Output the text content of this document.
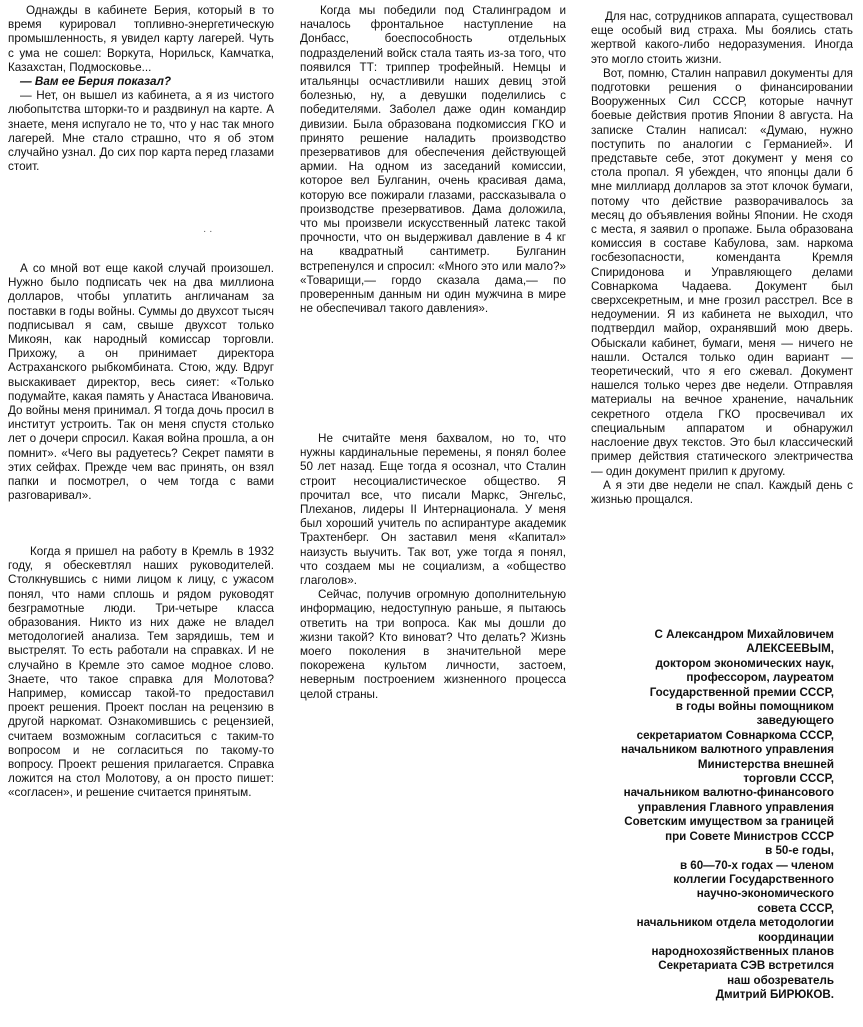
Однажды в кабинете Берия, который в то время курировал топливно-энергетическую промышленность, я увидел карту лагерей. Чуть с ума не сошел: Воркута, Норильск, Камчатка, Казахстан, Подмосковье...

— Вам ее Берия показал?

— Нет, он вышел из кабинета, а я из чистого любопытства шторки-то и раздвинул на карте. А знаете, меня испугало не то, что у нас так много лагерей. Мне стало страшно, что я об этом случайно узнал. До сих пор карта перед глазами стоит.

А со мной вот еще какой случай произошел. Нужно было подписать чек на два миллиона долларов, чтобы уплатить англичанам за поставки в годы войны. Суммы до двухсот тысяч подписывал я сам, свыше двухсот только Микоян, как народный комиссар торговли. Прихожу, а он принимает директора Астраханского рыбкомбината. Стою, жду. Вдруг выскакивает директор, весь сияет: «Только подумайте, какая память у Анастаса Ивановича. До войны меня принимал. Я тогда дочь просил в институт устроить. Так он меня спустя столько лет о дочери спросил. Какая война прошла, а он помнит». «Чего вы радуетесь? Секрет памяти в этих сейфах. Прежде чем вас принять, он взял папки и посмотрел, о чем тогда с вами разговаривал».

Когда я пришел на работу в Кремль в 1932 году, я обескевтлял наших руководителей. Столкнувшись с ними лицом к лицу, с ужасом понял, что нами сплошь и рядом руководят безграмотные люди. Три-четыре класса образования. Никто из них даже не владел методологией анализа. Тем зарядишь, тем и выстрелят. То есть работали на справках. И не случайно в Кремле это самое модное слово. Знаете, что такое справка для Молотова? Например, комиссар такой-то предоставил проект решения. Проект послан на рецензию в другой наркомат. Ознакомившись с рецензией, считаем возможным согласиться с таким-то вопросом и не согласиться по такому-то вопросу. Проект решения прилагается. Справка ложится на стол Молотову, а он просто пишет: «согласен», и решение считается принятым.

Когда мы победили под Сталинградом и началось фронтальное наступление на Донбасс, боеспособность отдельных подразделений войск стала таять из-за того, что появился ТТ: триппер трофейный. Немцы и итальянцы осчастливили наших девиц этой болезнью, ну, а девушки поделились с победителями. Заболел даже один командир дивизии. Была образована подкомиссия ГКО и принято решение наладить производство презервативов для обеспечения действующей армии. На одном из заседаний комиссии, которое вел Булганин, очень красивая дама, которую все пожирали глазами, рассказывала о производстве презервативов. Дама доложила, что мы произвели искусственный латекс такой прочности, что он выдерживал давление в 4 кг на квадратный сантиметр. Булганин встрепенулся и спросил: «Много это или мало?» «Товарищи,— гордо сказала дама,— по проверенным данным ни один мужчина в мире не обеспечивал такого давления».

Не считайте меня бахвалом, но то, что нужны кардинальные перемены, я понял более 50 лет назад. Еще тогда я осознал, что Сталин строит несоциалистическое общество. Я прочитал все, что писали Маркс, Энгельс, Плеханов, лидеры II Интернационала. У меня был хороший учитель по аспирантуре академик Трахтенберг. Он заставил меня «Капитал» наизусть выучить. Так вот, уже тогда я понял, что создаем мы не социализм, а «общество глаголов».

Сейчас, получив огромную дополнительную информацию, недоступную раньше, я пытаюсь ответить на три вопроса. Как мы дошли до жизни такой? Кто виноват? Что делать? Жизнь моего поколения в значительной мере покорежена культом личности, застоем, неверным построением жизненного процесса целой страны.

Для нас, сотрудников аппарата, существовал еще особый вид страха. Мы боялись стать жертвой какого-либо недоразумения. Иногда это могло стоить жизни.

Вот, помню, Сталин направил документы для подготовки решения о финансировании Вооруженных Сил СССР, которые начнут боевые действия против Японии 8 августа. На записке Сталин написал: «Думаю, нужно поступить по аналогии с Германией». И представьте себе, этот документ у меня со стола пропал. Я убежден, что японцы дали б мне миллиард долларов за этот клочок бумаги, потому что действие разворачивалось за месяц до объявления войны Японии. Не сходя с места, я заявил о пропаже. Была образована комиссия в составе Кабулова, зам. наркома госбезопасности, коменданта Кремля Спиридонова и Управляющего делами Совнаркома Чадаева. Документ был сверхсекретным, и мне грозил расстрел. Все в недоумении. Я из кабинета не выходил, что подтвердил майор, охранявший мою дверь. Обыскали кабинет, бумаги, меня — ничего не нашли. Остался только один вариант — теоретический, что я его сжевал. Документ нашелся только через две недели. Отправляя материалы на вечное хранение, начальник секретного отдела ГКО просвечивал их специальным аппаратом и обнаружил наслоение двух текстов. Это был классический пример действия статического электричества — один документ прилип к другому.

А я эти две недели не спал. Каждый день с жизнью прощался.

С Александром Михайловичем
АЛЕКСЕЕВЫМ,
доктором экономических наук,
профессором, лауреатом
Государственной премии СССР,
в годы войны помощником
заведующего
секретариатом Совнаркома СССР,
начальником валютного управления
Министерства внешней
торговли СССР,
начальником валютно-финансового
управления Главного управления
Советским имуществом за границей
при Совете Министров СССР
в 50-е годы,
в 60—70-х годах — членом
коллегии Государственного
научно-экономического
совета СССР,
начальником отдела методологии
координации
народнохозяйственных планов
Секретариата СЭВ встретился
наш обозреватель
Дмитрий БИРЮКОВ.
· ·
